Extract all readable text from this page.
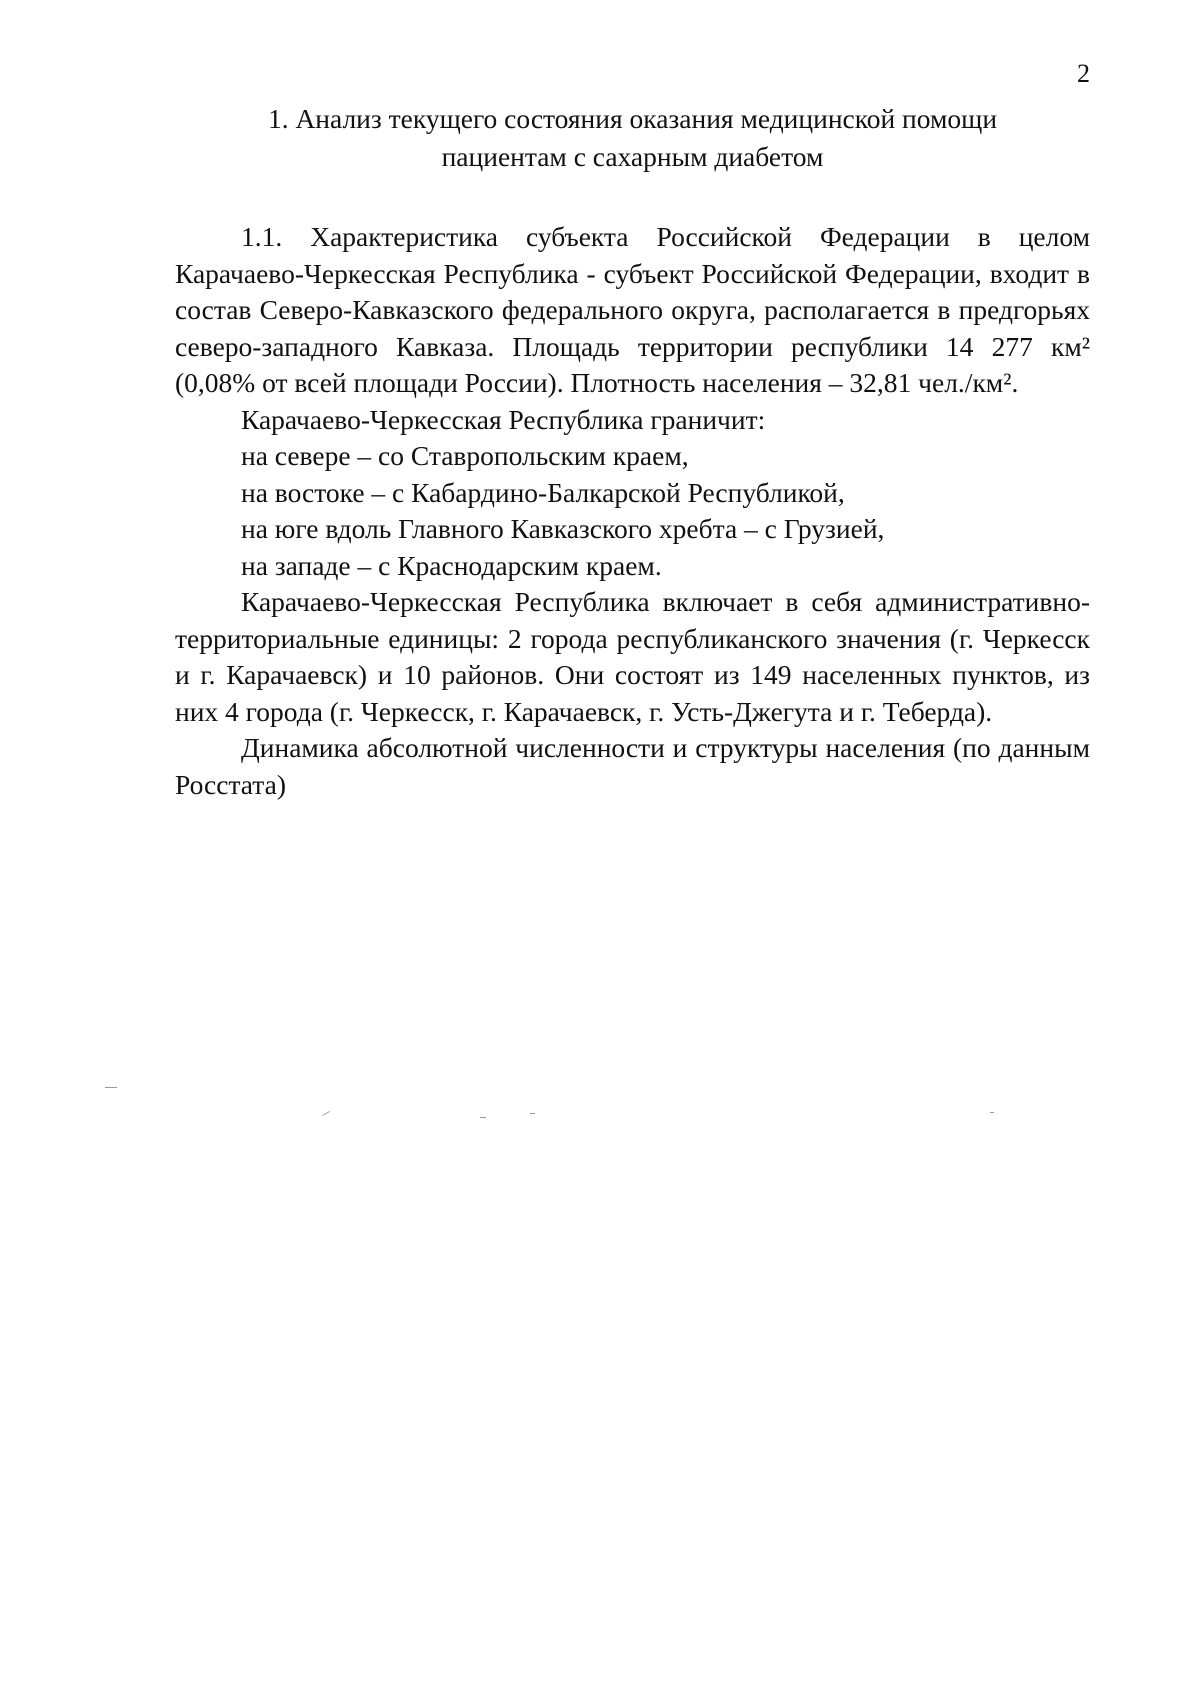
2
1. Анализ текущего состояния оказания медицинской помощи
пациентам с сахарным диабетом

1.1. Характеристика субъекта Российской Федерации в целом Карачаево-Черкесская Республика - субъект Российской Федерации, входит в состав Северо-Кавказского федерального округа, располагается в предгорьях северо-западного Кавказа. Площадь территории республики 14 277 км² (0,08% от всей площади России). Плотность населения – 32,81 чел./км².

Карачаево-Черкесская Республика граничит:

на севере – со Ставропольским краем,

на востоке – с Кабардино-Балкарской Республикой,

на юге вдоль Главного Кавказского хребта – с Грузией,

на западе – с Краснодарским краем.

Карачаево-Черкесская Республика включает в себя административно-территориальные единицы: 2 города республиканского значения (г. Черкесск и г. Карачаевск) и 10 районов. Они состоят из 149 населенных пунктов, из них 4 города (г. Черкесск, г. Карачаевск, г. Усть-Джегута и г. Теберда).

Динамика абсолютной численности и структуры населения (по данным Росстата)
